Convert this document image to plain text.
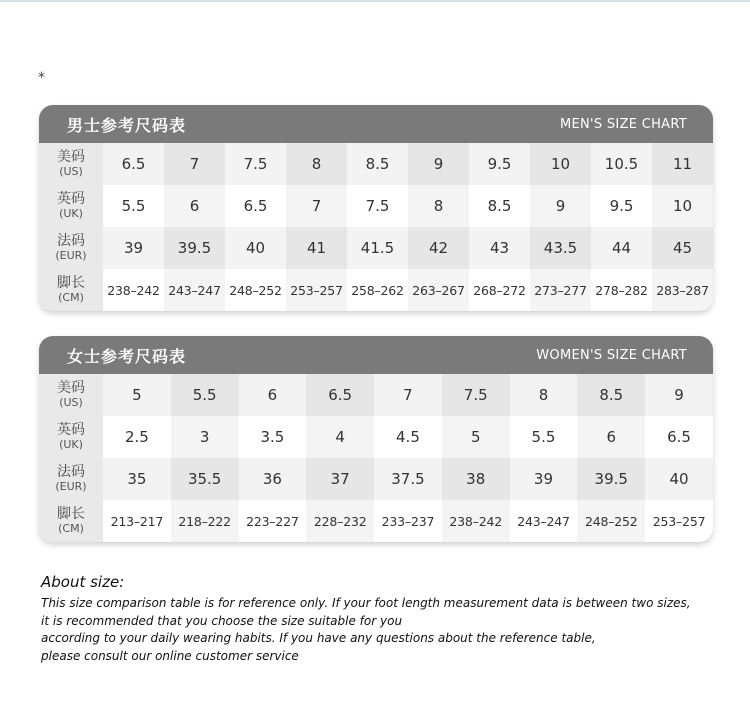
*
男士参考尺码表	MEN'S SIZE CHART
美码
(US)	6.5	7	7.5	8	8.5	9	9.5	10	10.5	11

英码
(UK)	5.5	6	6.5	7	7.5	8	8.5	9	9.5	10

法码
(EUR)	39	39.5	40	41	41.5	42	43	43.5	44	45

脚长
(CM)	238–242	243–247	248–252	253–257	258–262	263–267	268–272	273–277	278–282	283–287
女士参考尺码表	WOMEN'S SIZE CHART
美码
(US)	5	5.5	6	6.5	7	7.5	8	8.5	9

英码
(UK)	2.5	3	3.5	4	4.5	5	5.5	6	6.5

法码
(EUR)	35	35.5	36	37	37.5	38	39	39.5	40

脚长
(CM)	213–217	218–222	223–227	228–232	233–237	238–242	243–247	248–252	253–257
About size:
This size comparison table is for reference only. If your foot length measurement data is between two sizes,
it is recommended that you choose the size suitable for you
according to your daily wearing habits. If you have any questions about the reference table,
please consult our online customer service
